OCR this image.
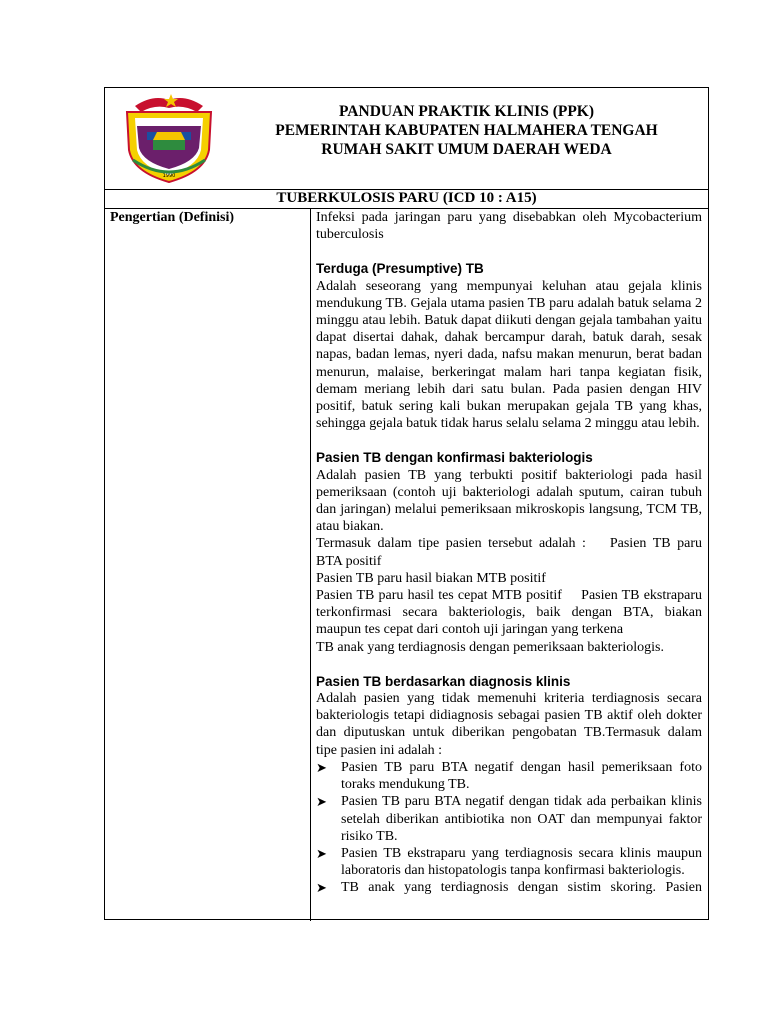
1990
PANDUAN PRAKTIK KLINIS (PPK)
PEMERINTAH KABUPATEN HALMAHERA TENGAH
RUMAH SAKIT UMUM DAERAH WEDA
TUBERKULOSIS PARU (ICD 10 : A15)
Pengertian (Definisi)	Infeksi pada jaringan paru yang disebabkan oleh Mycobacterium tuberculosis

Terduga (Presumptive) TB

Adalah seseorang yang mempunyai keluhan atau gejala klinis mendukung TB. Gejala utama pasien TB paru adalah batuk selama 2 minggu atau lebih. Batuk dapat diikuti dengan gejala tambahan yaitu dapat disertai dahak, dahak bercampur darah, batuk darah, sesak napas, badan lemas, nyeri dada, nafsu makan menurun, berat badan menurun, malaise, berkeringat malam hari tanpa kegiatan fisik, demam meriang lebih dari satu bulan. Pada pasien dengan HIV positif, batuk sering kali bukan merupakan gejala TB yang khas, sehingga gejala batuk tidak harus selalu selama 2 minggu atau lebih.

Pasien TB dengan konfirmasi bakteriologis

Adalah pasien TB yang terbukti positif bakteriologi pada hasil pemeriksaan (contoh uji bakteriologi adalah sputum, cairan tubuh dan jaringan) melalui pemeriksaan mikroskopis langsung, TCM TB, atau biakan.

Termasuk dalam tipe pasien tersebut adalah : Pasien TB paru BTA positif

Pasien TB paru hasil biakan MTB positif

Pasien TB paru hasil tes cepat MTB positif Pasien TB ekstraparu terkonfirmasi secara bakteriologis, baik dengan BTA, biakan maupun tes cepat dari contoh uji jaringan yang terkena

TB anak yang terdiagnosis dengan pemeriksaan bakteriologis.

Pasien TB berdasarkan diagnosis klinis

Adalah pasien yang tidak memenuhi kriteria terdiagnosis secara bakteriologis tetapi didiagnosis sebagai pasien TB aktif oleh dokter dan diputuskan untuk diberikan pengobatan TB.Termasuk dalam tipe pasien ini adalah :

➤ Pasien TB paru BTA negatif dengan hasil pemeriksaan foto toraks mendukung TB.

➤ Pasien TB paru BTA negatif dengan tidak ada perbaikan klinis setelah diberikan antibiotika non OAT dan mempunyai faktor risiko TB.

➤ Pasien TB ekstraparu yang terdiagnosis secara klinis maupun laboratoris dan histopatologis tanpa konfirmasi bakteriologis.

➤ TB anak yang terdiagnosis dengan sistim skoring. Pasien
